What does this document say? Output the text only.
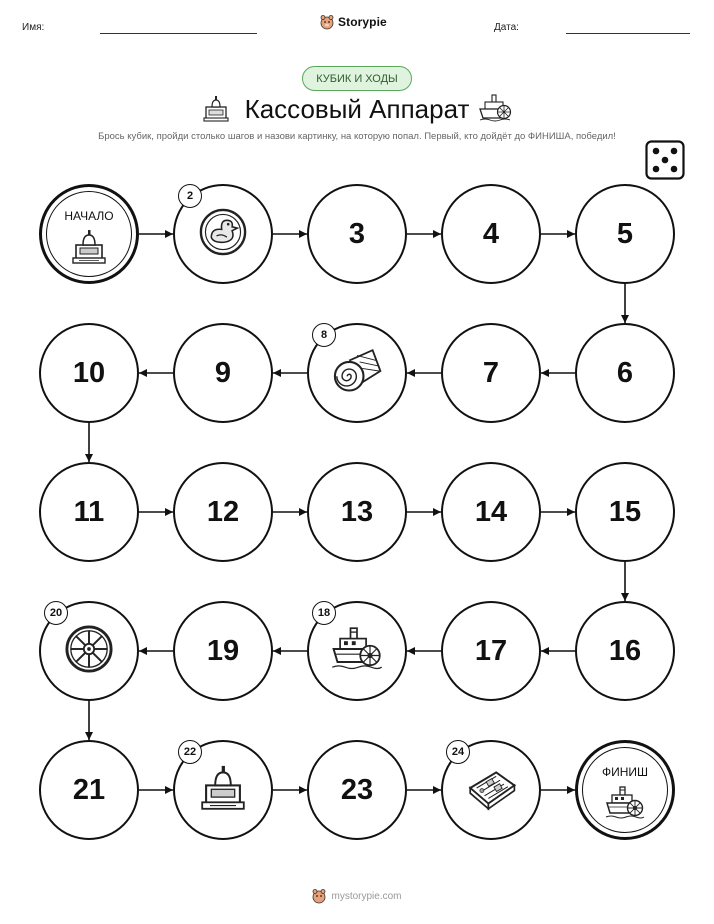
Имя:	Storypie	Дата:
КУБИК И ХОДЫ
Кассовый Аппарат
Брось кубик, пройди столько шагов и назови картинку, на которую попал. Первый, кто дойдёт до ФИНИША, победил!
НАЧАЛО
2
3	4	5
6
7
8
9
10
11	12	13	14	15
16
17
18
19
20
21
22
23
24
ФИНИШ
mystorypie.com
